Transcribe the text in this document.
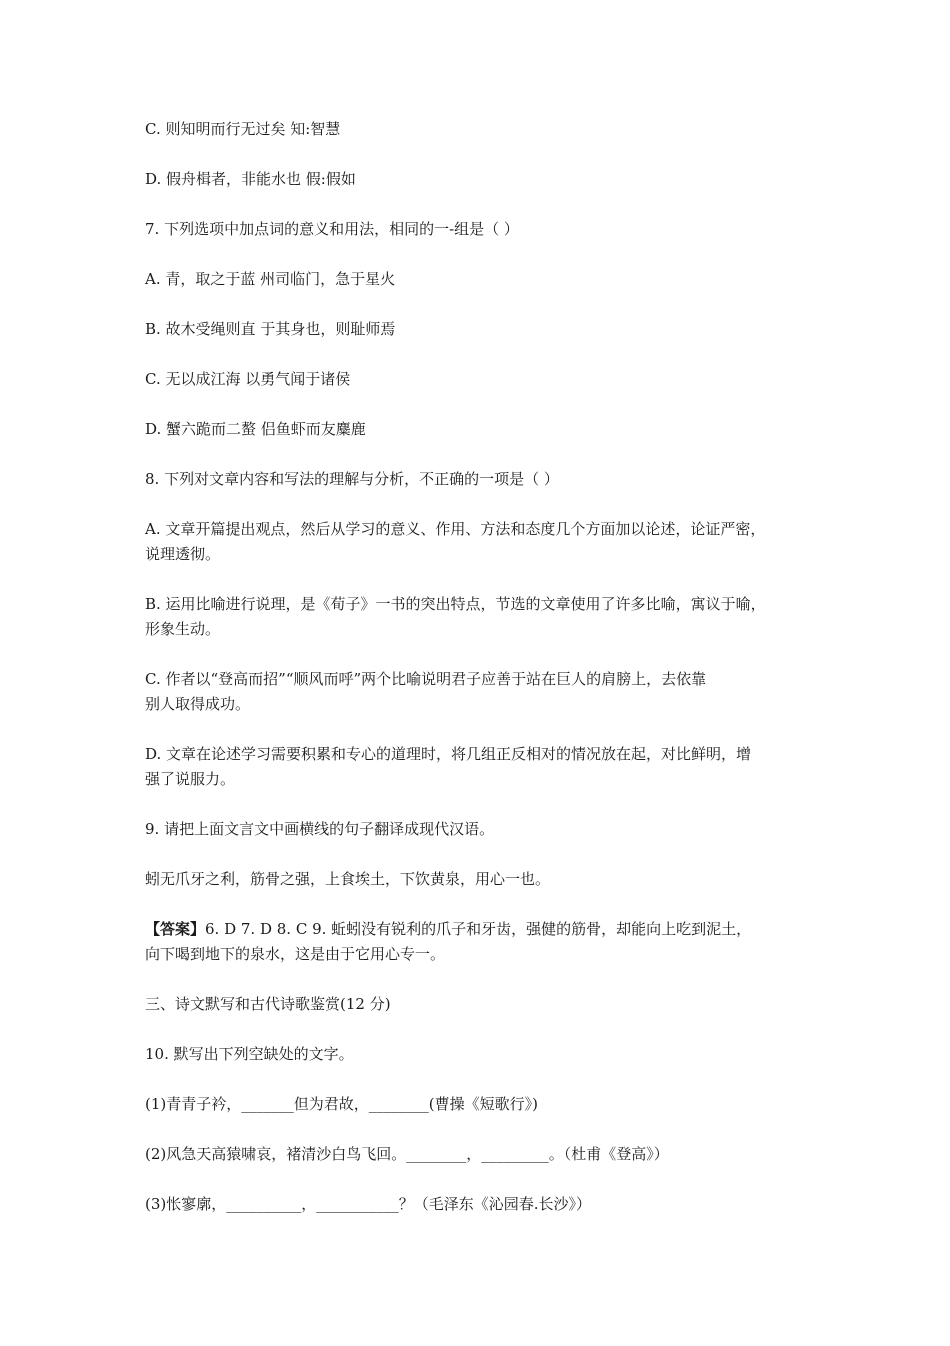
C. 则知明而行无过矣 知:智慧
D. 假舟楫者，非能水也 假:假如
7. 下列选项中加点词的意义和用法，相同的一-组是（ ）
A. 青，取之于蓝 州司临门，急于星火
B. 故木受绳则直 于其身也，则耻师焉
C. 无以成江海 以勇气闻于诸侯
D. 蟹六跪而二螯 侣鱼虾而友麋鹿
8. 下列对文章内容和写法的理解与分析，不正确的一项是（ ）
A. 文章开篇提出观点，然后从学习的意义、作用、方法和态度几个方面加以论述，论证严密，
说理透彻。
B. 运用比喻进行说理，是《荀子》一书的突出特点，节选的文章使用了许多比喻，寓议于喻，
形象生动。
C. 作者以“登高而招”“顺风而呼”两个比喻说明君子应善于站在巨人的肩膀上，去依靠
别人取得成功。
D. 文章在论述学习需要积累和专心的道理时，将几组正反相对的情况放在起，对比鲜明，增
强了说服力。
9. 请把上面文言文中画横线的句子翻译成现代汉语。
蚓无爪牙之利，筋骨之强，上食埃土，下饮黄泉，用心一也。
【答案】6. D 7. D 8. C 9. 蚯蚓没有锐利的爪子和牙齿，强健的筋骨，却能向上吃到泥土，
向下喝到地下的泉水，这是由于它用心专一。
三、诗文默写和古代诗歌鉴赏(12 分)
10. 默写出下列空缺处的文字。
(1)青青子衿，_______但为君故，________(曹操《短歌行》)
(2)风急天高猿啸哀，褚清沙白鸟飞回。________，_________。（杜甫《登高》）
(3)怅寥廓，__________，___________？（毛泽东《沁园春.长沙》）
